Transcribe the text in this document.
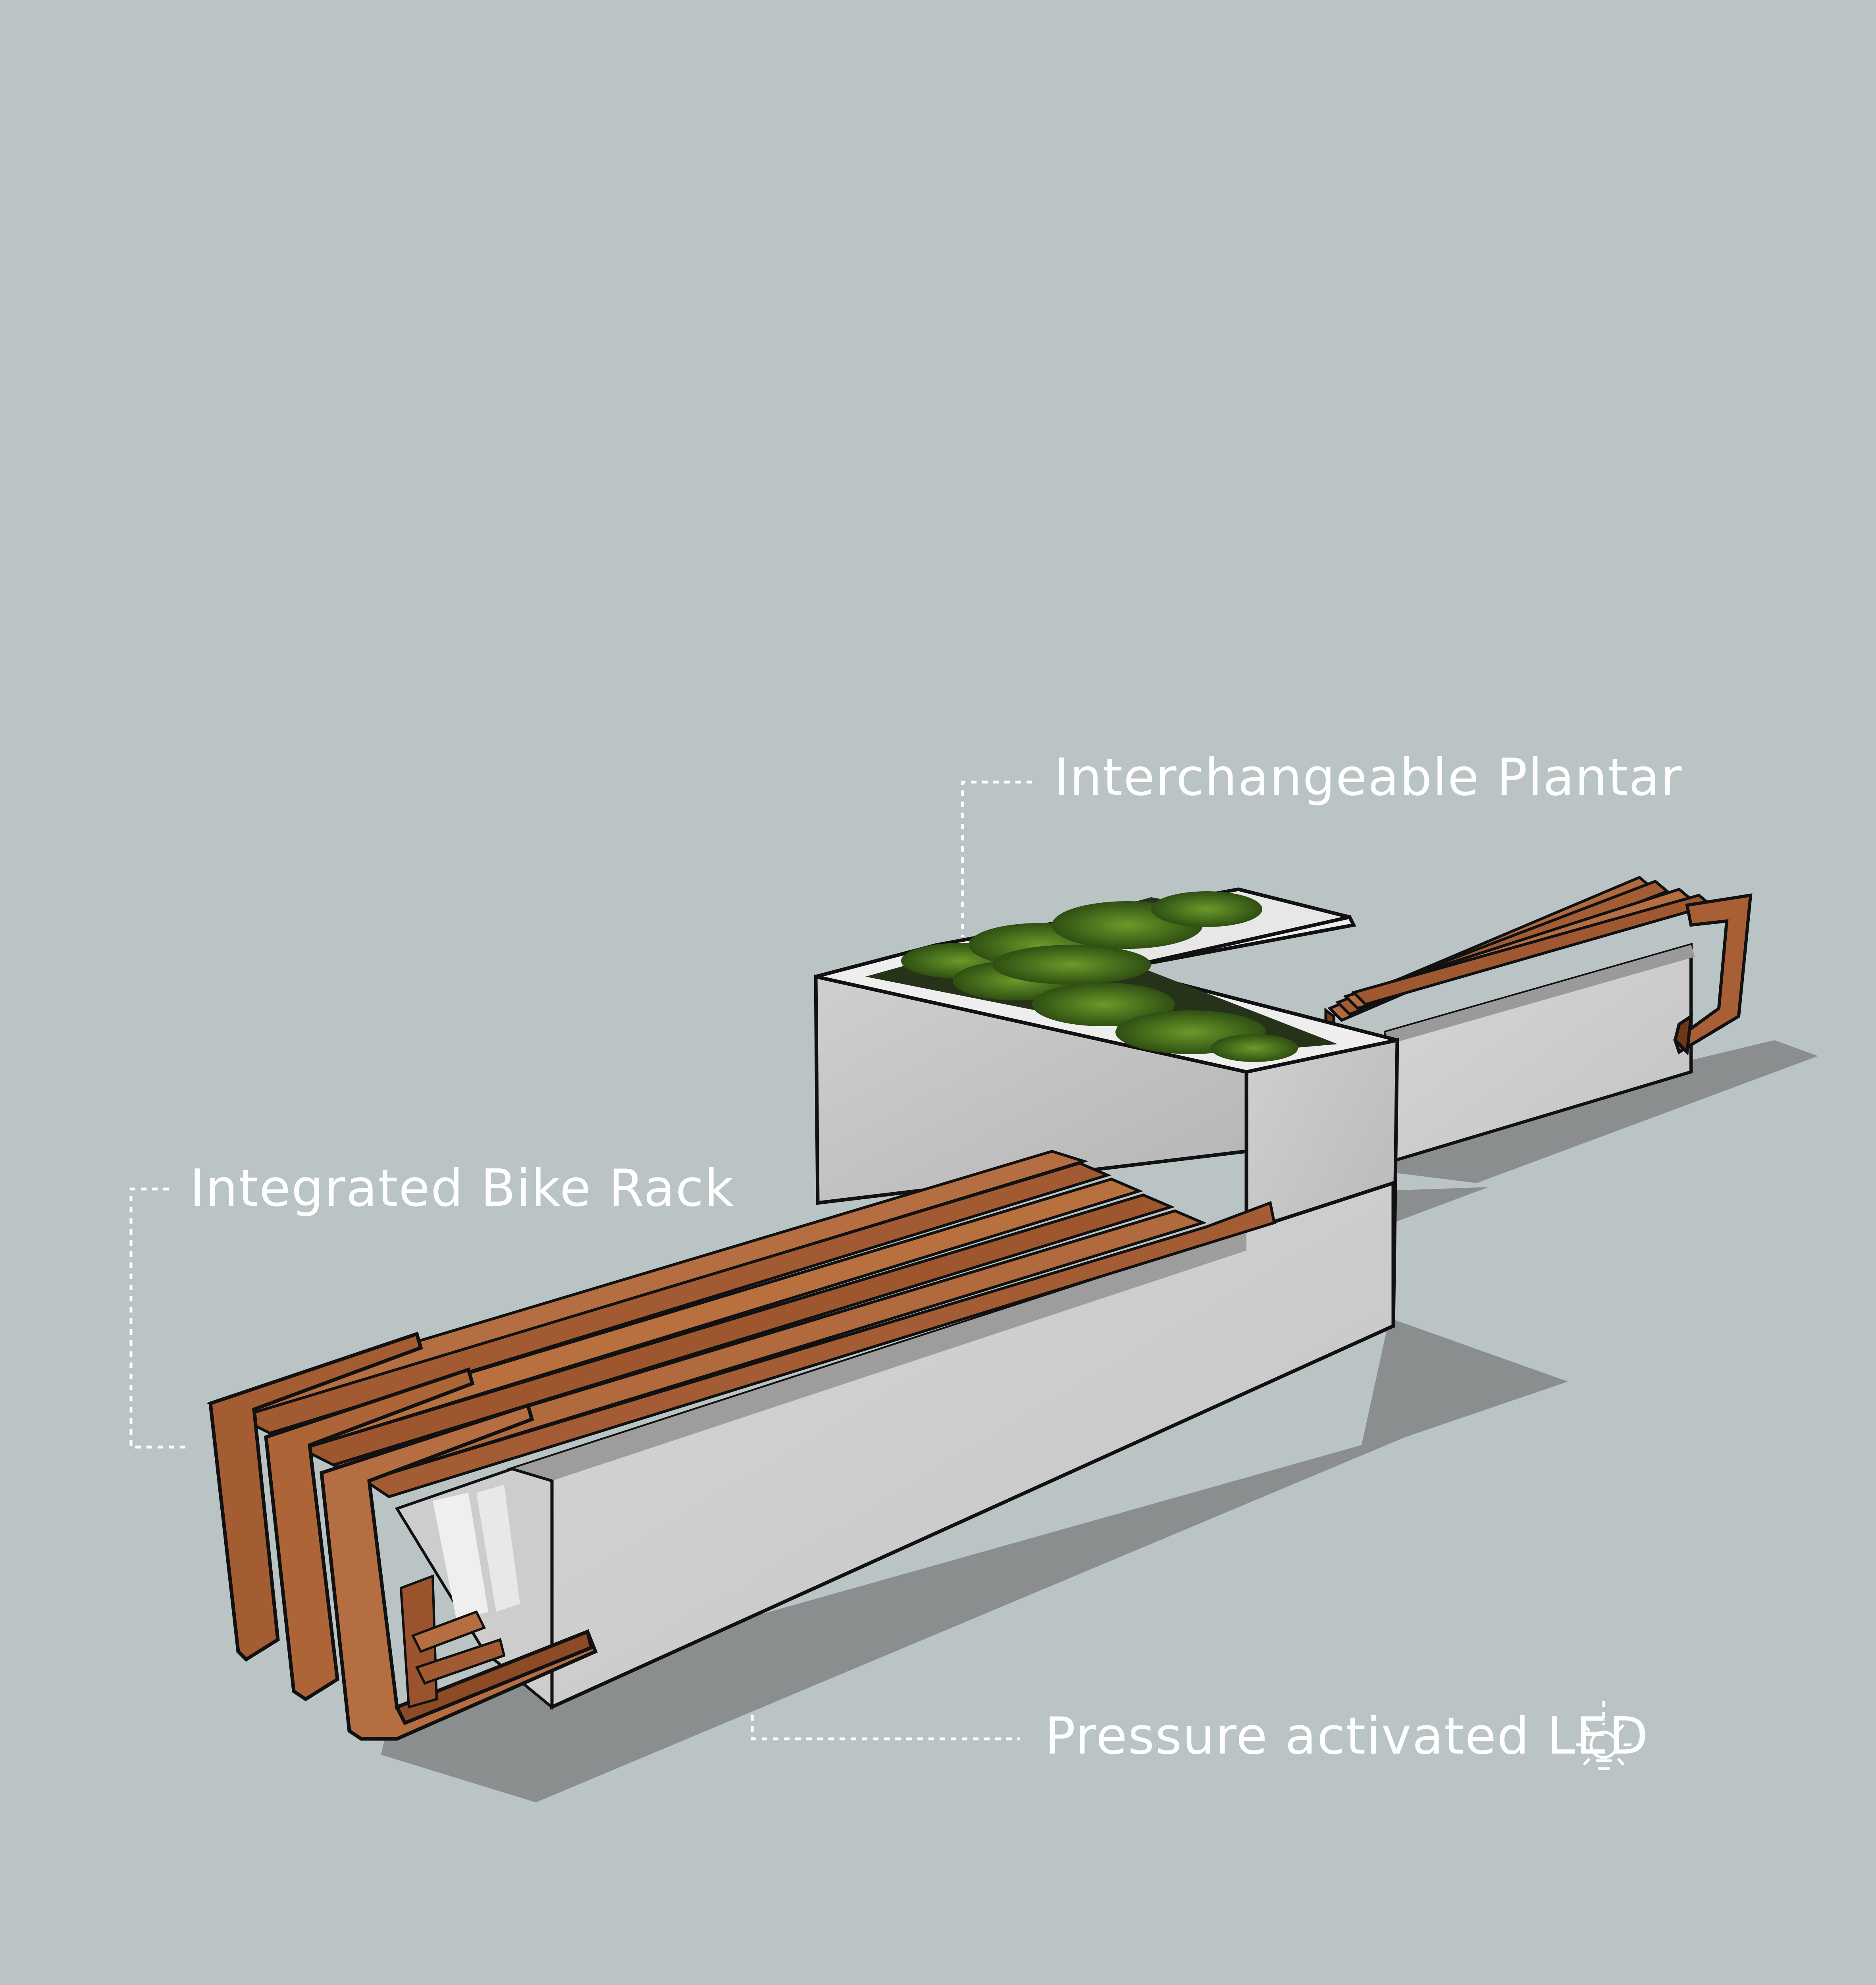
Interchangeable Plantar
Integrated Bike Rack
Pressure activated LED
